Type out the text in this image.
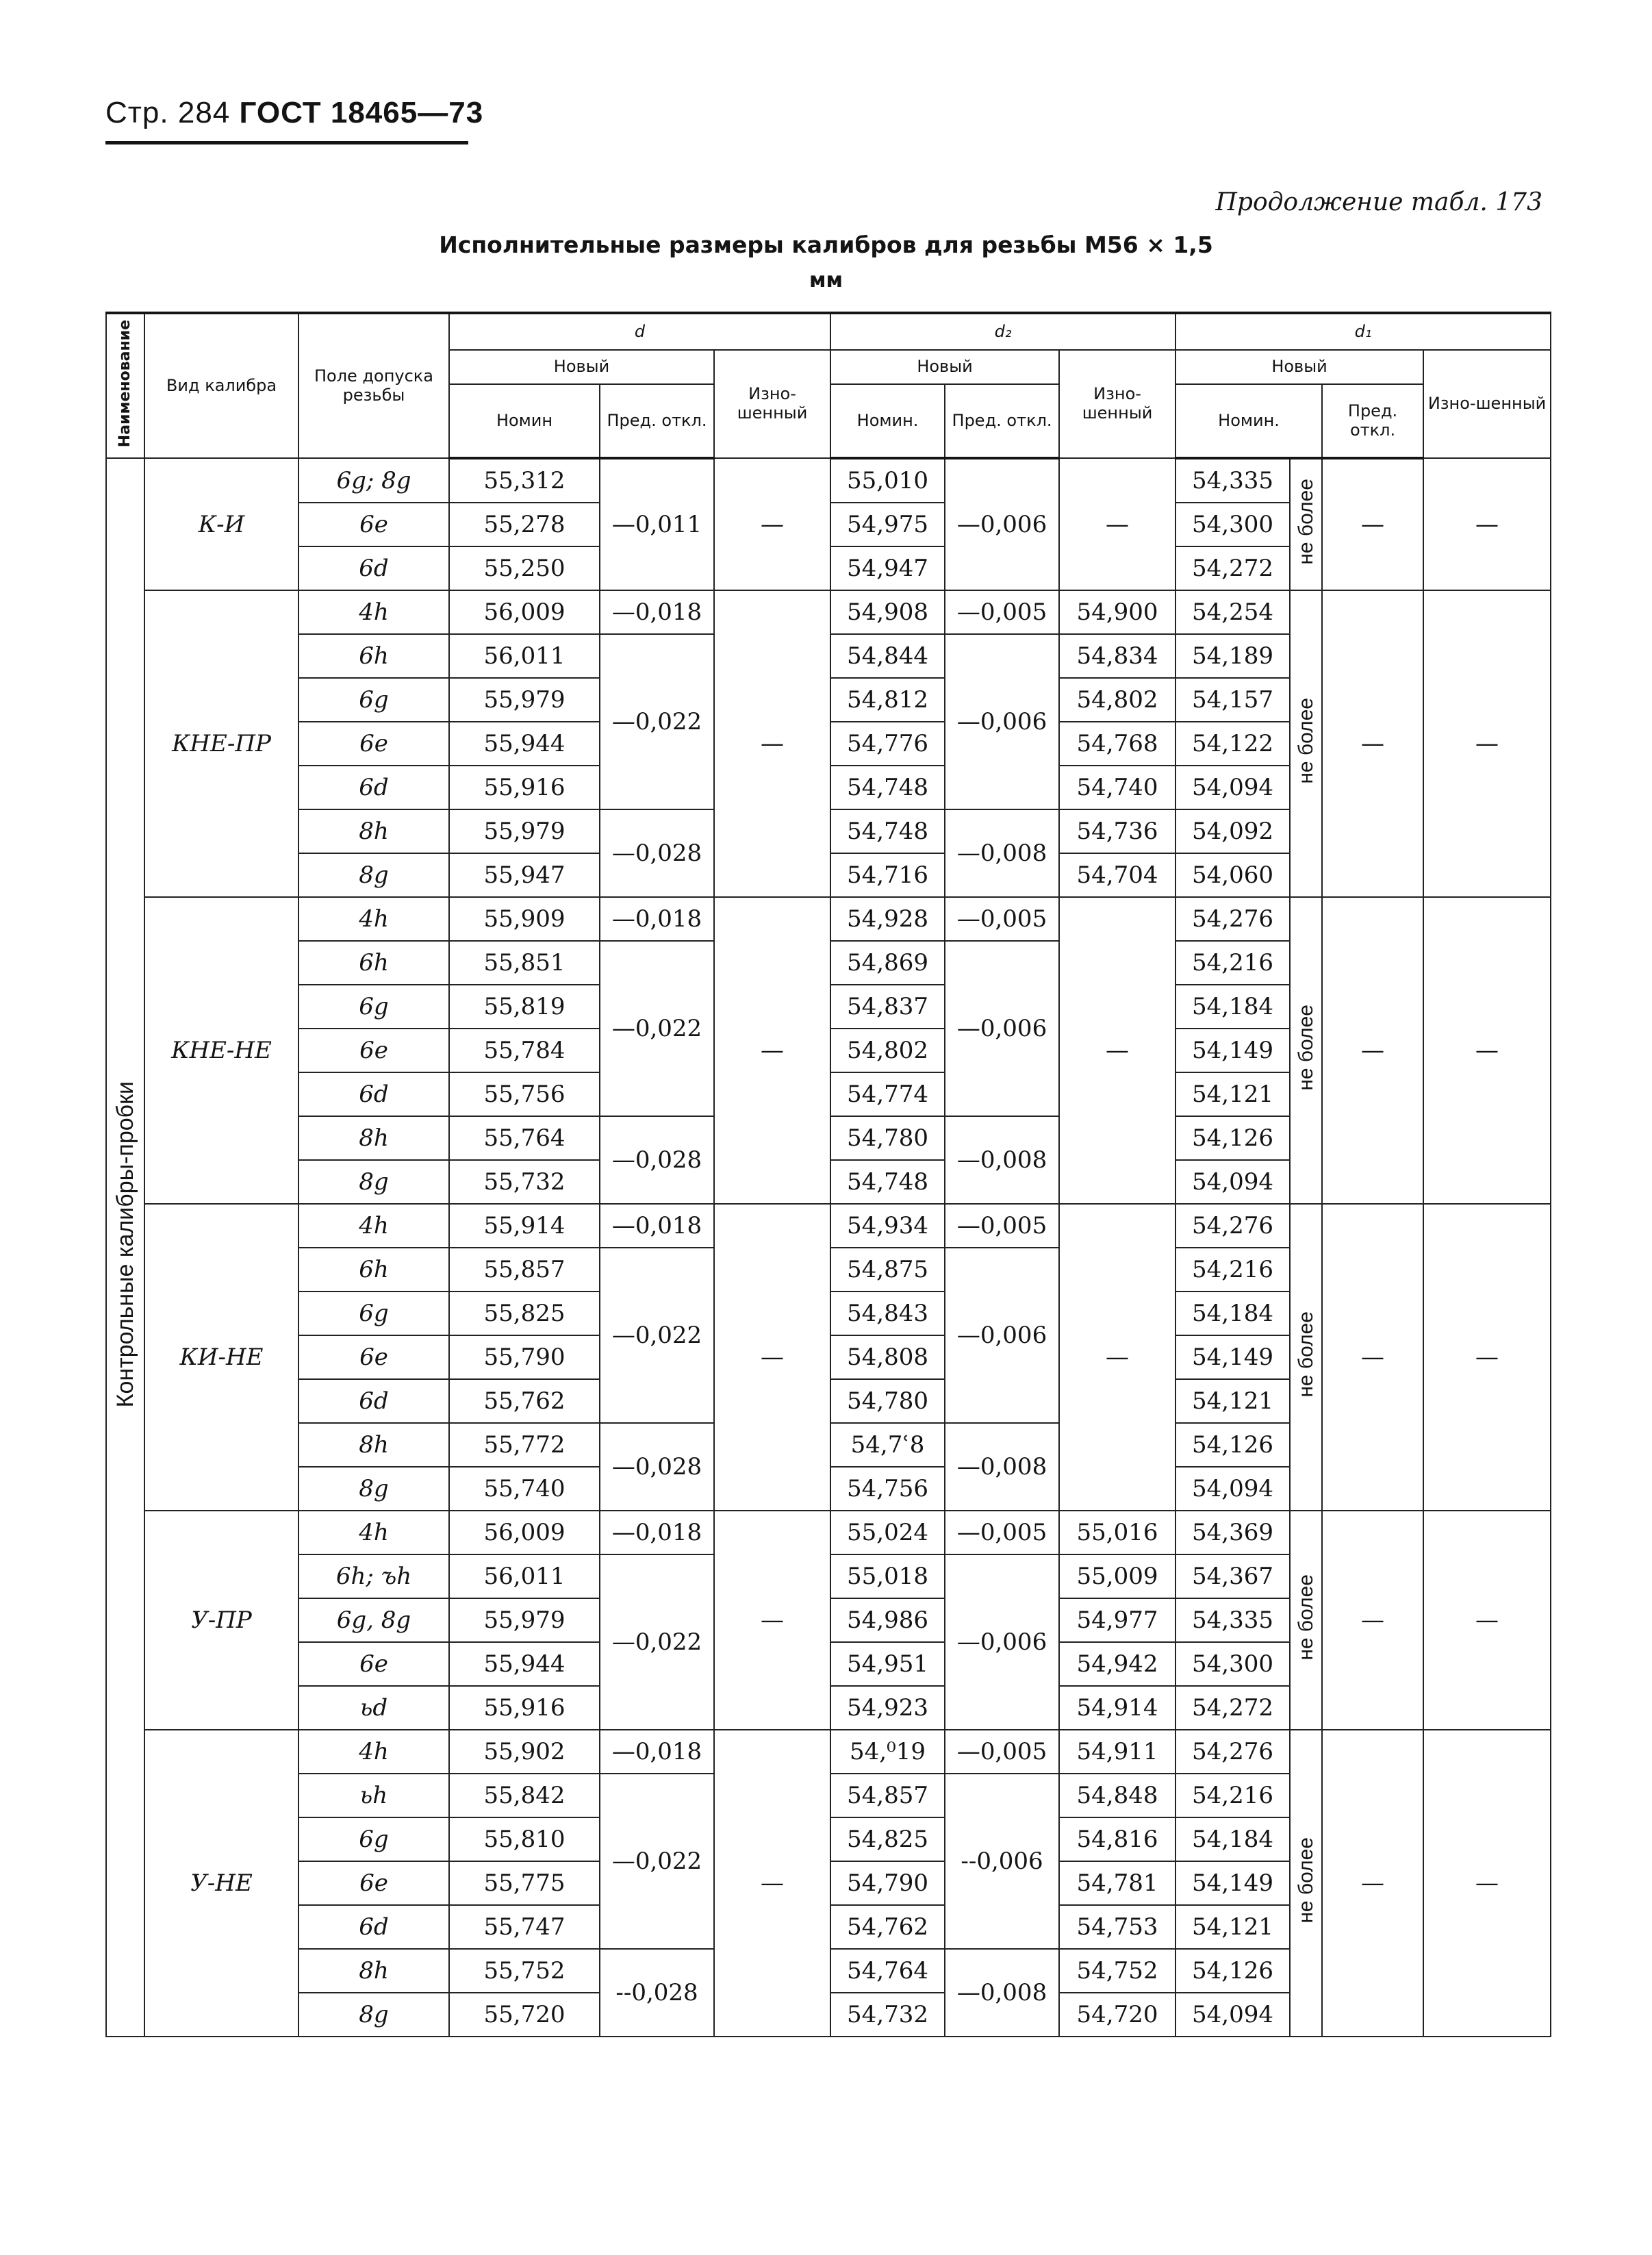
Стр. 284 ГОСТ 18465—73
Продолжение табл. 173
Исполнительные размеры калибров для резьбы М56 × 1,5
мм
Наименование	Вид калибра	Поле допуска резьбы	d			d₂			d₁			
			Новый		Изно-шенный	Новый		Изно-шенный	Новый			Изно-шенный
			Номин	Пред. откл.		Номин.	Пред. откл.		Номин.		Пред. откл.	
Контрольные калибры-пробки	К-И	6g; 8g	55,312	—0,011	—	55,010	—0,006	—	54,335	не более	—	—
		6e	55,278			54,975			54,300			
		6d	55,250			54,947			54,272			
	КНЕ-ПР	4h	56,009	—0,018	—	54,908	—0,005	54,900	54,254	не более	—	—
		6h	56,011	—0,022		54,844	—0,006	54,834	54,189			
		6g	55,979			54,812		54,802	54,157			
		6e	55,944			54,776		54,768	54,122			
		6d	55,916			54,748		54,740	54,094			
		8h	55,979	—0,028		54,748	—0,008	54,736	54,092			
		8g	55,947			54,716		54,704	54,060			
	КНЕ-НЕ	4h	55,909	—0,018	—	54,928	—0,005	—	54,276	не более	—	—
		6h	55,851	—0,022		54,869	—0,006		54,216			
		6g	55,819			54,837			54,184			
		6e	55,784			54,802			54,149			
		6d	55,756			54,774			54,121			
		8h	55,764	—0,028		54,780	—0,008		54,126			
		8g	55,732			54,748			54,094			
	КИ-НЕ	4h	55,914	—0,018	—	54,934	—0,005	—	54,276	не более	—	—
		6h	55,857	—0,022		54,875	—0,006		54,216			
		6g	55,825			54,843			54,184			
		6e	55,790			54,808			54,149			
		6d	55,762			54,780			54,121			
		8h	55,772	—0,028		54,7ʿ8	—0,008		54,126			
		8g	55,740			54,756			54,094			
	У-ПР	4h	56,009	—0,018	—	55,024	—0,005	55,016	54,369	не более	—	—
		6h; ъh	56,011	—0,022		55,018	—0,006	55,009	54,367			
		6g, 8g	55,979			54,986		54,977	54,335			
		6e	55,944			54,951		54,942	54,300			
		ьd	55,916			54,923		54,914	54,272			
	У-НЕ	4h	55,902	—0,018	—	54,⁰19	—0,005	54,911	54,276	не более	—	—
		ьh	55,842	—0,022		54,857	--0,006	54,848	54,216			
		6g	55,810			54,825		54,816	54,184			
		6e	55,775			54,790		54,781	54,149			
		6d	55,747			54,762		54,753	54,121			
		8h	55,752	--0,028		54,764	—0,008	54,752	54,126			
		8g	55,720			54,732		54,720	54,094			
